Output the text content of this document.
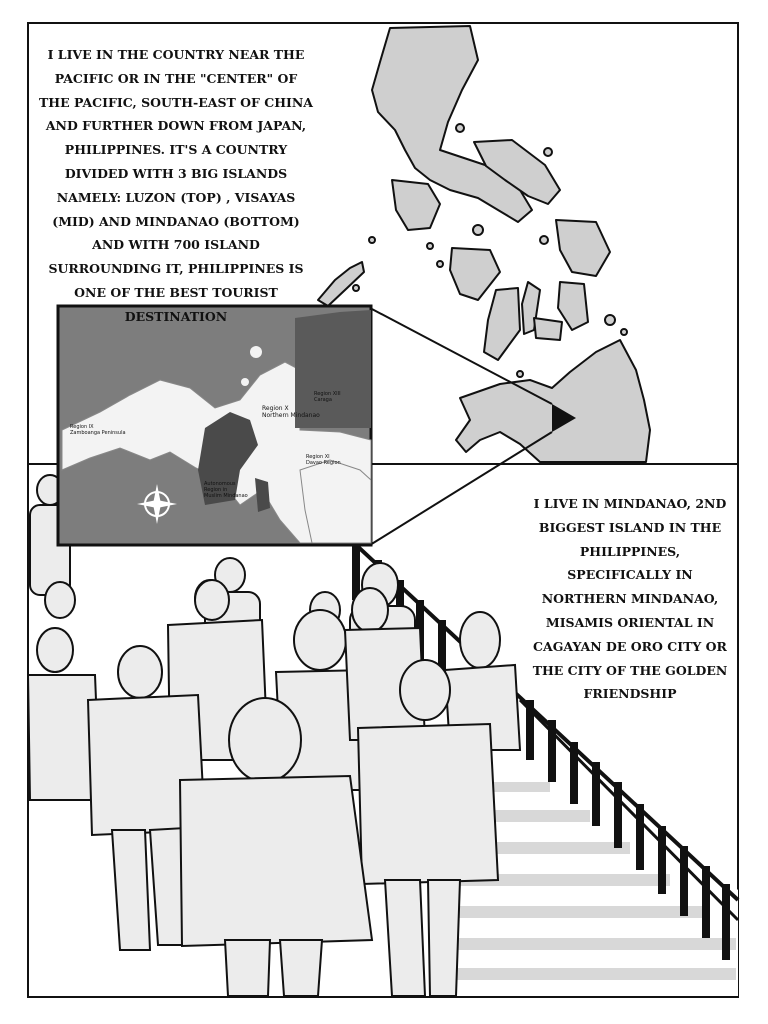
Region X Northern Mindanao
Region XIII Caraga
Region IX Zamboanga Peninsula
Region XI Davao Region
Autonomous Region in Muslim Mindanao
I LIVE IN THE COUNTRY NEAR THE PACIFIC OR IN THE "CENTER" OF THE PACIFIC, SOUTH-EAST OF CHINA AND FURTHER DOWN FROM JAPAN, PHILIPPINES. IT'S A COUNTRY DIVIDED WITH 3 BIG ISLANDS NAMELY: LUZON (TOP) , VISAYAS (MID) AND MINDANAO (BOTTOM) AND WITH 700 ISLAND SURROUNDING IT, PHILIPPINES IS ONE OF THE BEST TOURIST DESTINATION
I LIVE IN MINDANAO, 2ND BIGGEST ISLAND IN THE PHILIPPINES, SPECIFICALLY IN NORTHERN MINDANAO, MISAMIS ORIENTAL IN CAGAYAN DE ORO CITY OR THE CITY OF THE GOLDEN FRIENDSHIP
